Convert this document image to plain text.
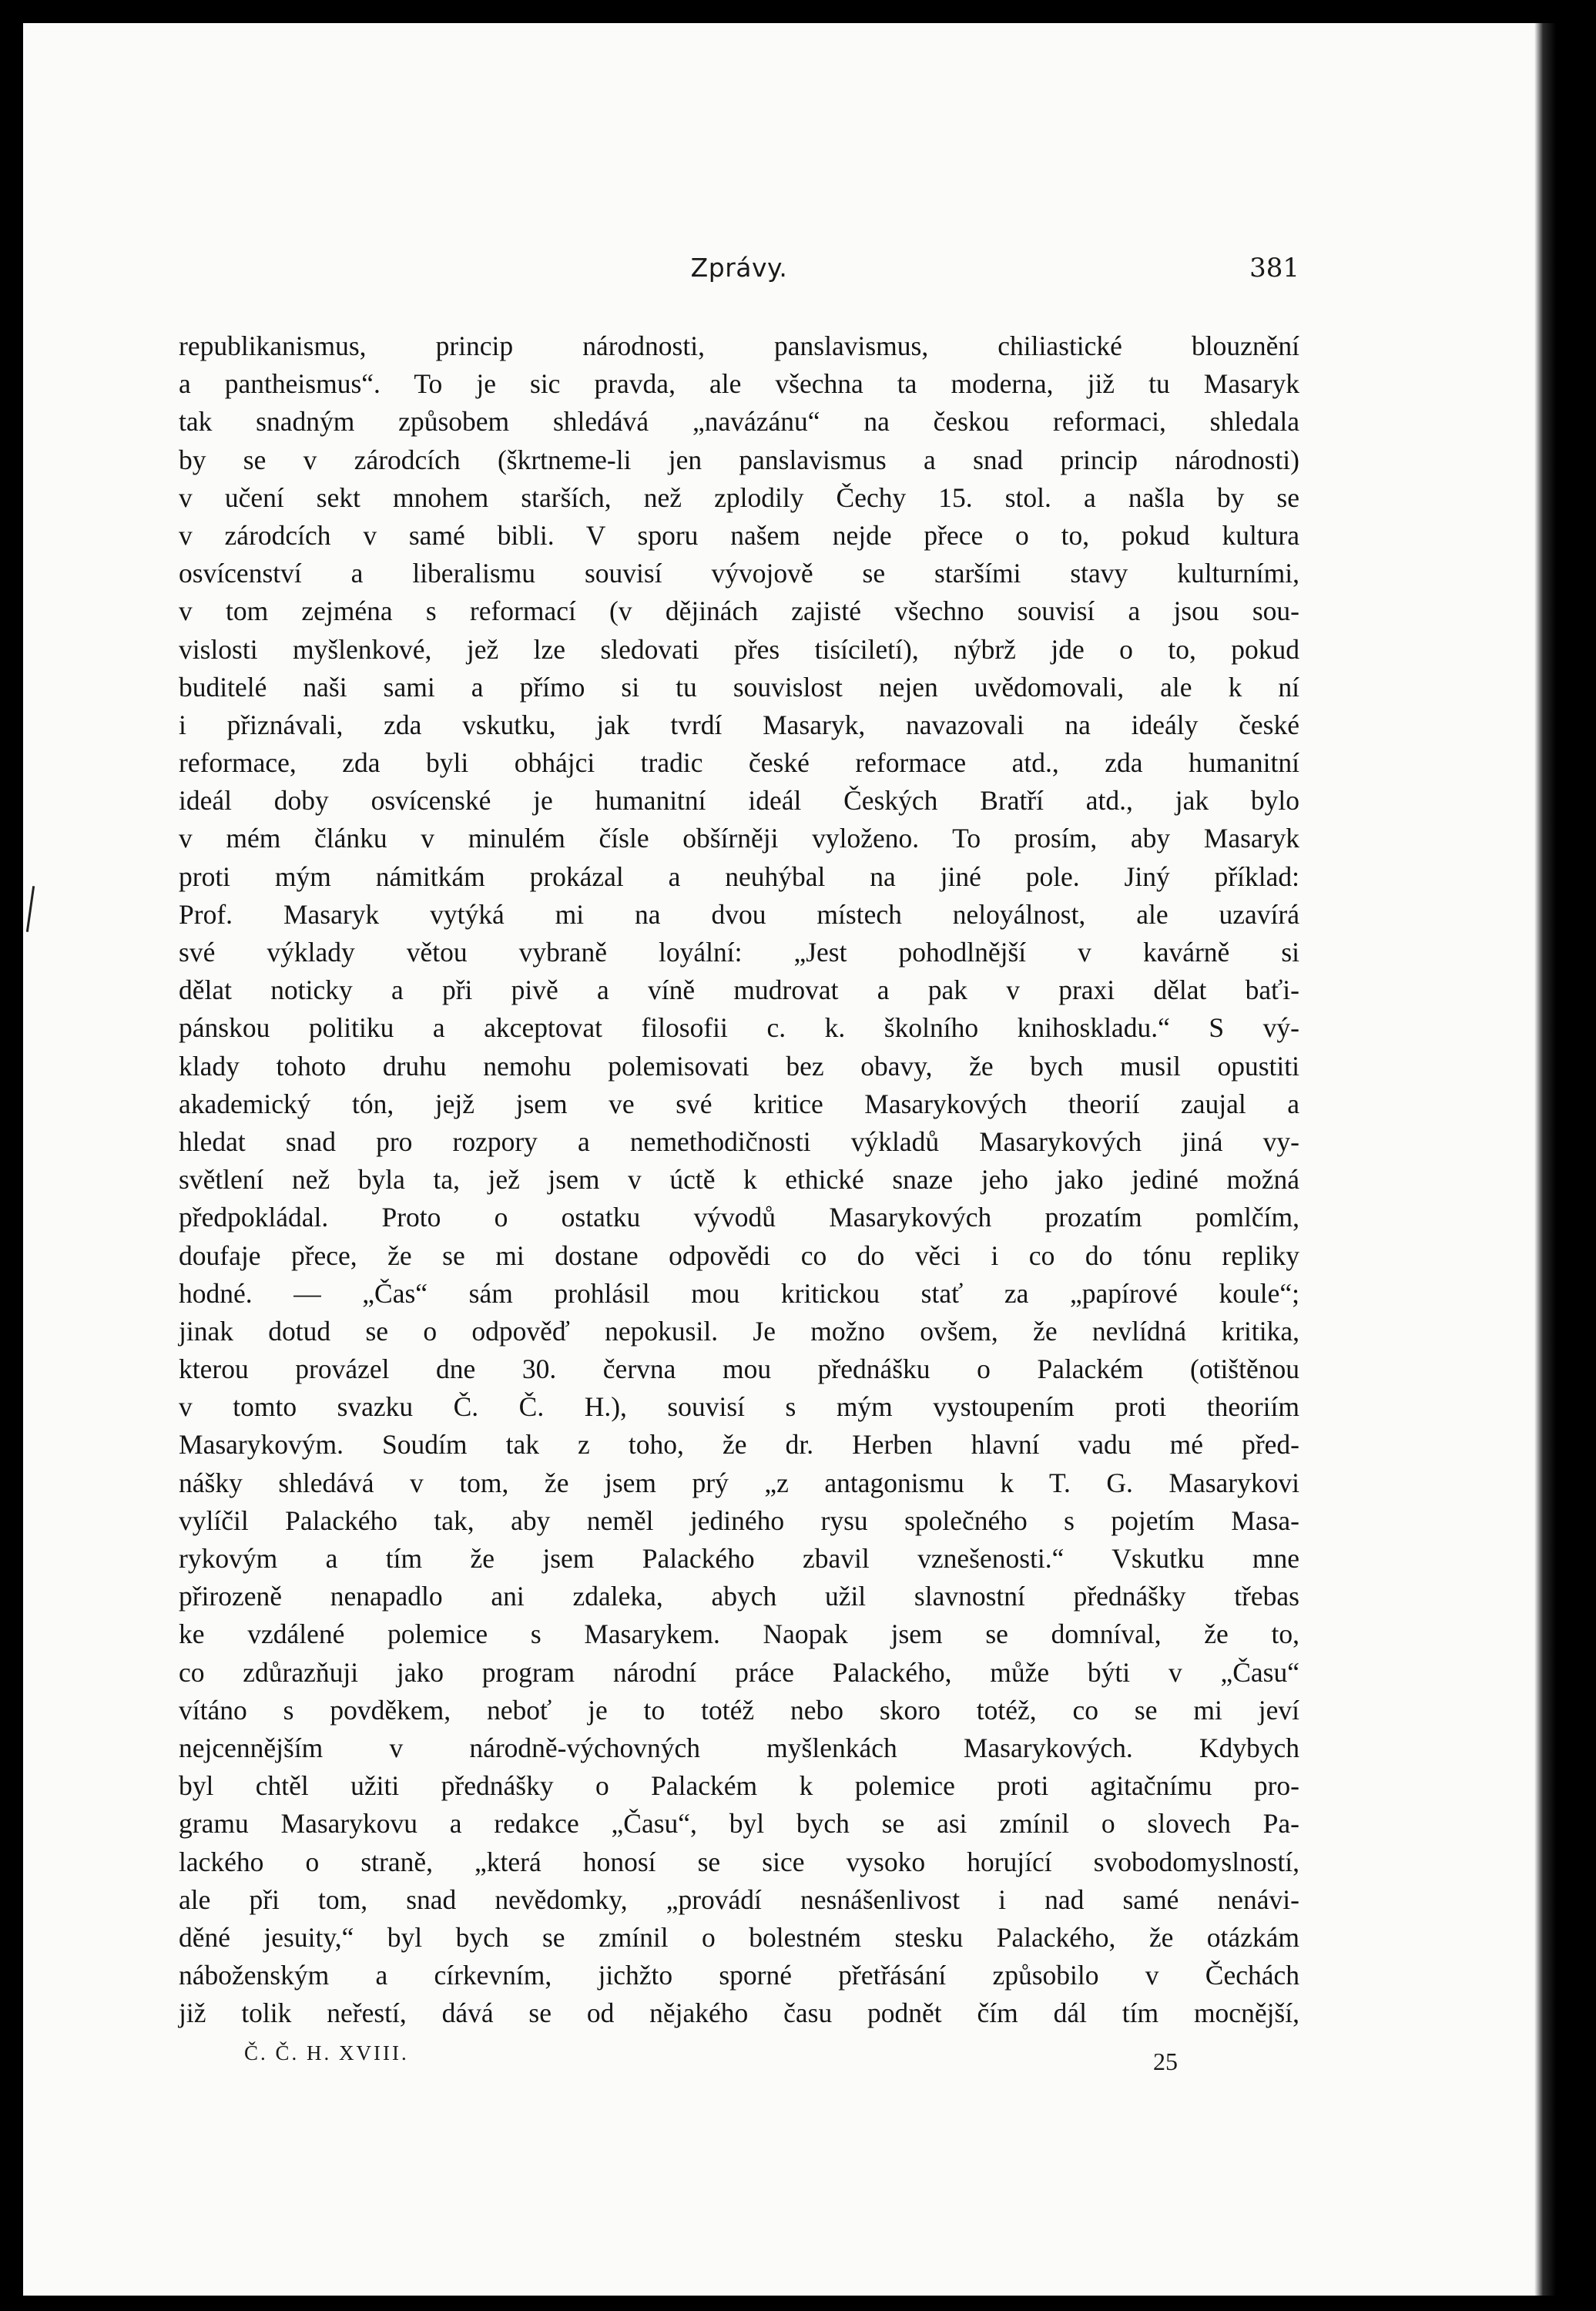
Zprávy.	381
republikanismus, princip národnosti, panslavismus, chiliastické blouznění
a pantheismus“. To je sic pravda, ale všechna ta moderna, již tu Masaryk
tak snadným způsobem shledává „navázánu“ na českou reformaci, shledala
by se v zárodcích (škrtneme-li jen panslavismus a snad princip národnosti)
v učení sekt mnohem starších, než zplodily Čechy 15. stol. a našla by se
v zárodcích v samé bibli. V sporu našem nejde přece o to, pokud kultura
osvícenství a liberalismu souvisí vývojově se staršími stavy kulturními,
v tom zejména s reformací (v dějinách zajisté všechno souvisí a jsou sou-
vislosti myšlenkové, jež lze sledovati přes tisíciletí), nýbrž jde o to, pokud
buditelé naši sami a přímo si tu souvislost nejen uvědomovali, ale k ní
i přiznávali, zda vskutku, jak tvrdí Masaryk, navazovali na ideály české
reformace, zda byli obhájci tradic české reformace atd., zda humanitní
ideál doby osvícenské je humanitní ideál Českých Bratří atd., jak bylo
v mém článku v minulém čísle obšírněji vyloženo. To prosím, aby Masaryk
proti mým námitkám prokázal a neuhýbal na jiné pole. Jiný příklad:
Prof. Masaryk vytýká mi na dvou místech neloyálnost, ale uzavírá
své výklady větou vybraně loyální: „Jest pohodlnější v kavárně si
dělat noticky a při pivě a víně mudrovat a pak v praxi dělat baťi-
pánskou politiku a akceptovat filosofii c. k. školního knihoskladu.“ S vý-
klady tohoto druhu nemohu polemisovati bez obavy, že bych musil opustiti
akademický tón, jejž jsem ve své kritice Masarykových theorií zaujal a
hledat snad pro rozpory a nemethodičnosti výkladů Masarykových jiná vy-
světlení než byla ta, jež jsem v úctě k ethické snaze jeho jako jediné možná
předpokládal. Proto o ostatku vývodů Masarykových prozatím pomlčím,
doufaje přece, že se mi dostane odpovědi co do věci i co do tónu repliky
hodné. — „Čas“ sám prohlásil mou kritickou stať za „papírové koule“;
jinak dotud se o odpověď nepokusil. Je možno ovšem, že nevlídná kritika,
kterou provázel dne 30. června mou přednášku o Palackém (otištěnou
v tomto svazku Č. Č. H.), souvisí s mým vystoupením proti theoriím
Masarykovým. Soudím tak z toho, že dr. Herben hlavní vadu mé před-
nášky shledává v tom, že jsem prý „z antagonismu k T. G. Masarykovi
vylíčil Palackého tak, aby neměl jediného rysu společného s pojetím Masa-
rykovým a tím že jsem Palackého zbavil vznešenosti.“ Vskutku mne
přirozeně nenapadlo ani zdaleka, abych užil slavnostní přednášky třebas
ke vzdálené polemice s Masarykem. Naopak jsem se domníval, že to,
co zdůrazňuji jako program národní práce Palackého, může býti v „Času“
vítáno s povděkem, neboť je to totéž nebo skoro totéž, co se mi jeví
nejcennějším v národně-výchovných myšlenkách Masarykových. Kdybych
byl chtěl užiti přednášky o Palackém k polemice proti agitačnímu pro-
gramu Masarykovu a redakce „Času“, byl bych se asi zmínil o slovech Pa-
lackého o straně, „která honosí se sice vysoko horující svobodomyslností,
ale při tom, snad nevědomky, „provádí nesnášenlivost i nad samé nenávi-
děné jesuity,“ byl bych se zmínil o bolestném stesku Palackého, že otázkám
náboženským a církevním, jichžto sporné přetřásání způsobilo v Čechách
již tolik neřestí, dává se od nějakého času podnět čím dál tím mocnější,
Č. Č. H. XVIII.	25
